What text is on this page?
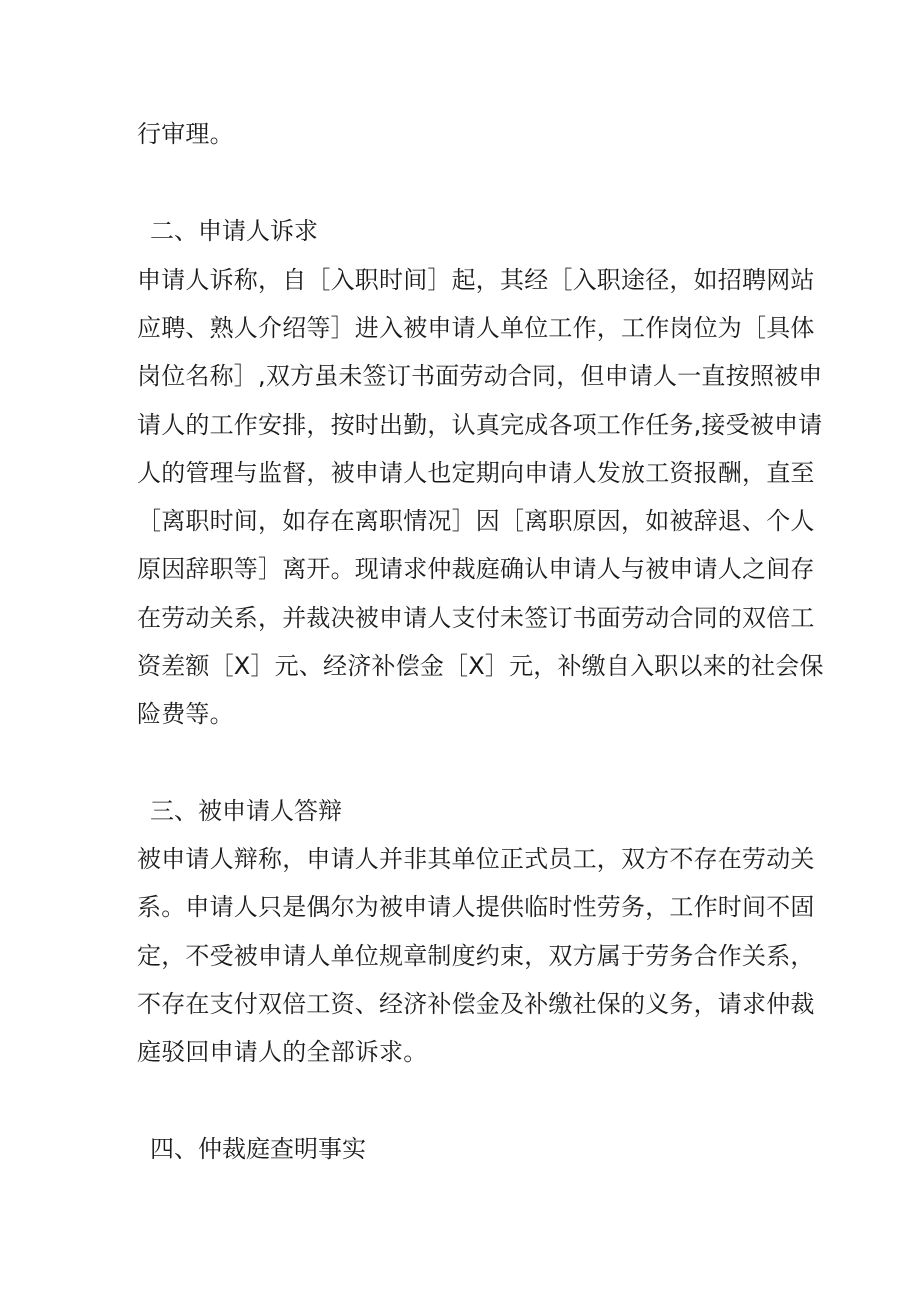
行审理。
二、申请人诉求
申请人诉称，自［入职时间］起，其经［入职途径，如招聘网站
应聘、熟人介绍等］进入被申请人单位工作，工作岗位为［具体
岗位名称］,双方虽未签订书面劳动合同，但申请人一直按照被申
请人的工作安排，按时出勤，认真完成各项工作任务,接受被申请
人的管理与监督，被申请人也定期向申请人发放工资报酬，直至
［离职时间，如存在离职情况］因［离职原因，如被辞退、个人
原因辞职等］离开。现请求仲裁庭确认申请人与被申请人之间存
在劳动关系，并裁决被申请人支付未签订书面劳动合同的双倍工
资差额［X］元、经济补偿金［X］元，补缴自入职以来的社会保
险费等。
三、被申请人答辩
被申请人辩称，申请人并非其单位正式员工，双方不存在劳动关
系。申请人只是偶尔为被申请人提供临时性劳务，工作时间不固
定，不受被申请人单位规章制度约束，双方属于劳务合作关系，
不存在支付双倍工资、经济补偿金及补缴社保的义务，请求仲裁
庭驳回申请人的全部诉求。
四、仲裁庭查明事实
